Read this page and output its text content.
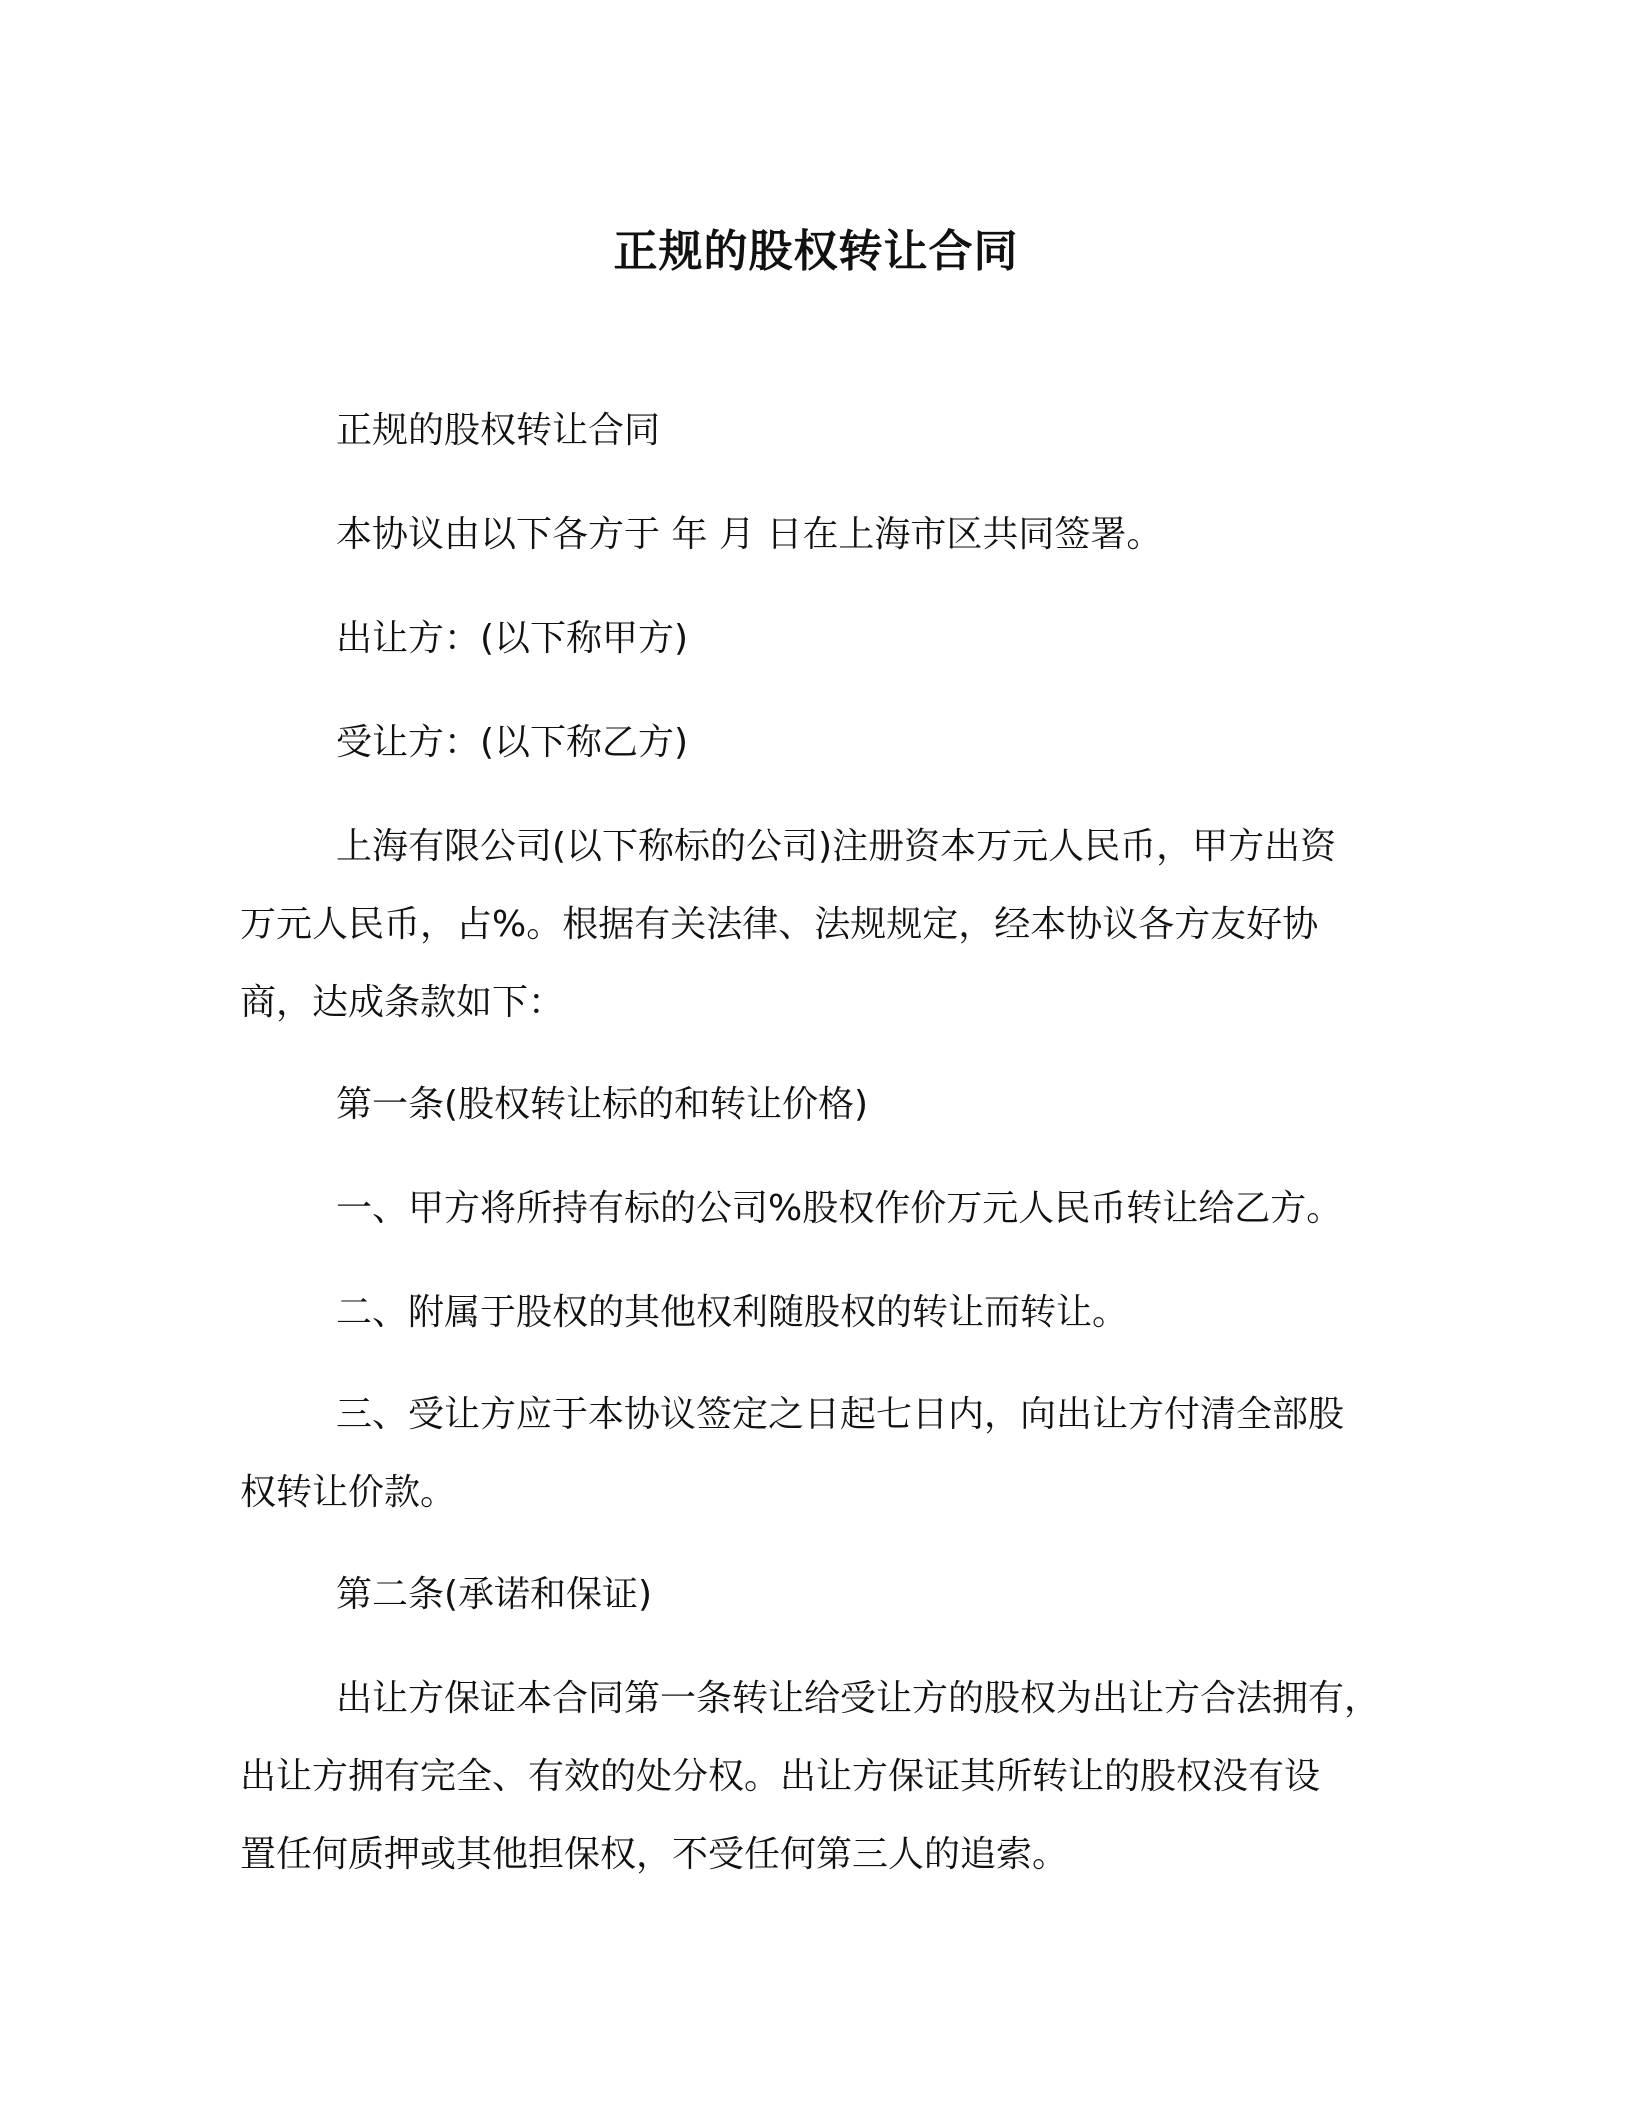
正规的股权转让合同
正规的股权转让合同
本协议由以下各方于 年 月 日在上海市区共同签署。
出让方：(以下称甲方)
受让方：(以下称乙方)
上海有限公司(以下称标的公司)注册资本万元人民币，甲方出资
万元人民币，占%。根据有关法律、法规规定，经本协议各方友好协
商，达成条款如下：
第一条(股权转让标的和转让价格)
一、甲方将所持有标的公司%股权作价万元人民币转让给乙方。
二、附属于股权的其他权利随股权的转让而转让。
三、受让方应于本协议签定之日起七日内，向出让方付清全部股
权转让价款。
第二条(承诺和保证)
出让方保证本合同第一条转让给受让方的股权为出让方合法拥有，
出让方拥有完全、有效的处分权。出让方保证其所转让的股权没有设
置任何质押或其他担保权，不受任何第三人的追索。
